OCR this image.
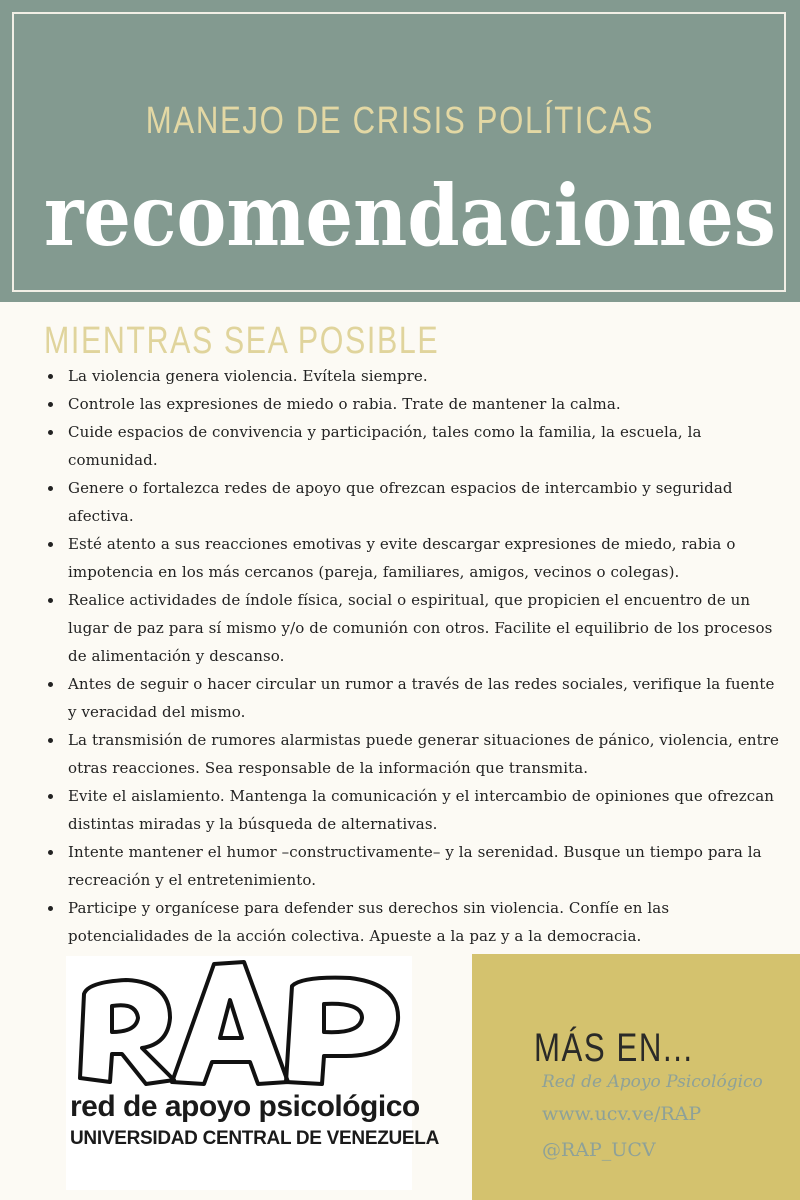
MANEJO DE CRISIS POLÍTICAS
recomendaciones
MIENTRAS SEA POSIBLE
• La violencia genera violencia. Evítela siempre.
• Controle las expresiones de miedo o rabia. Trate de mantener la calma.
• Cuide espacios de convivencia y participación, tales como la familia, la escuela, la comunidad.
• Genere o fortalezca redes de apoyo que ofrezcan espacios de intercambio y seguridad afectiva.
• Esté atento a sus reacciones emotivas y evite descargar expresiones de miedo, rabia o impotencia en los más cercanos (pareja, familiares, amigos, vecinos o colegas).
• Realice actividades de índole física, social o espiritual, que propicien el encuentro de un lugar de paz para sí mismo y/o de comunión con otros. Facilite el equilibrio de los procesos de alimentación y descanso.
• Antes de seguir o hacer circular un rumor a través de las redes sociales, verifique la fuente y veracidad del mismo.
• La transmisión de rumores alarmistas puede generar situaciones de pánico, violencia, entre otras reacciones. Sea responsable de la información que transmita.
• Evite el aislamiento. Mantenga la comunicación y el intercambio de opiniones que ofrezcan distintas miradas y la búsqueda de alternativas.
• Intente mantener el humor –constructivamente– y la serenidad. Busque un tiempo para la recreación y el entretenimiento.
• Participe y organícese para defender sus derechos sin violencia. Confíe en las potencialidades de la acción colectiva. Apueste a la paz y a la democracia.
red de apoyo psicológico
UNIVERSIDAD CENTRAL DE VENEZUELA
MÁS EN...
Red de Apoyo Psicológico
www.ucv.ve/RAP
@RAP_UCV
